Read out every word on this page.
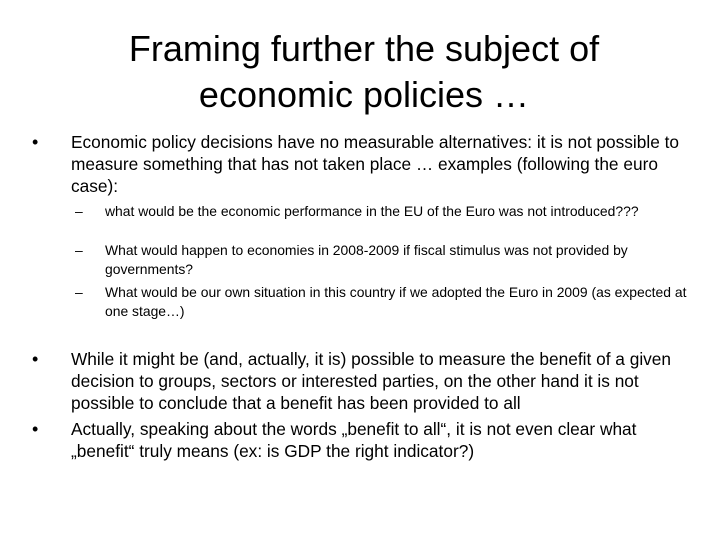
Framing further the subject of economic policies …
•	Economic policy decisions have no measurable alternatives: it is not possible to measure something that has not taken place … examples (following the euro case):
– what would be the economic performance in the EU of the Euro was not introduced???
– What would happen to economies in 2008-2009 if fiscal stimulus was not provided by governments?
– What would be our own situation in this country if we adopted the Euro in 2009 (as expected at one stage…)
•	While it might be (and, actually, it is) possible to measure the benefit of a given decision to groups, sectors or interested parties, on the other hand it is not possible to conclude that a benefit has been provided to all
•	Actually, speaking about the words „benefit to all“, it is not even clear what „benefit“ truly means (ex: is GDP the right indicator?)
